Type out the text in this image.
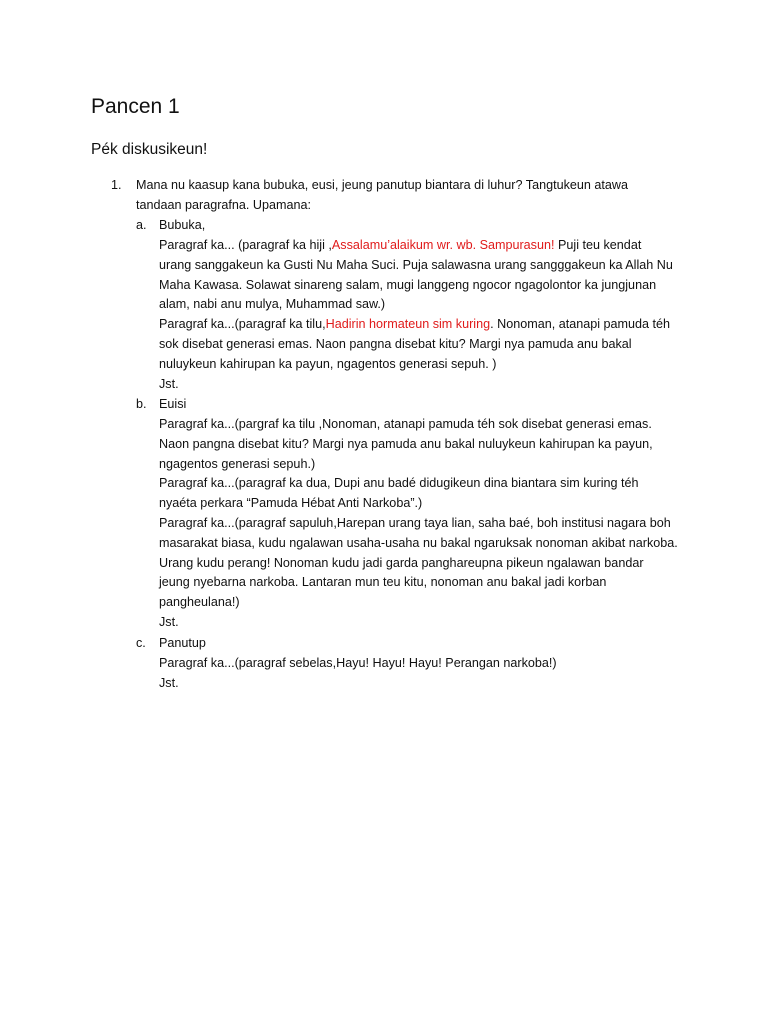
Pancen 1
Pék diskusikeun!
1. Mana nu kaasup kana bubuka, eusi, jeung panutup biantara di luhur? Tangtukeun atawa
tandaan paragrafna. Upamana:
a. Bubuka,
Paragraf ka... (paragraf ka hiji ,Assalamu’alaikum wr. wb. Sampurasun! Puji teu kendat
urang sanggakeun ka Gusti Nu Maha Suci. Puja salawasna urang sangggakeun ka Allah Nu
Maha Kawasa. Solawat sinareng salam, mugi langgeng ngocor ngagolontor ka jungjunan
alam, nabi anu mulya, Muhammad saw.)
Paragraf ka...(paragraf ka tilu,Hadirin hormateun sim kuring. Nonoman, atanapi pamuda téh
sok disebat generasi emas. Naon pangna disebat kitu? Margi nya pamuda anu bakal
nuluykeun kahirupan ka payun, ngagentos generasi sepuh. )
Jst.
b. Euisi
Paragraf ka...(pargraf ka tilu ,Nonoman, atanapi pamuda téh sok disebat generasi emas.
Naon pangna disebat kitu? Margi nya pamuda anu bakal nuluykeun kahirupan ka payun,
ngagentos generasi sepuh.)
Paragraf ka...(paragraf ka dua, Dupi anu badé didugikeun dina biantara sim kuring téh
nyaéta perkara “Pamuda Hébat Anti Narkoba”.)
Paragraf ka...(paragraf sapuluh,Harepan urang taya lian, saha baé, boh institusi nagara boh
masarakat biasa, kudu ngalawan usaha-usaha nu bakal ngaruksak nonoman akibat narkoba.
Urang kudu perang! Nonoman kudu jadi garda panghareupna pikeun ngalawan bandar
jeung nyebarna narkoba. Lantaran mun teu kitu, nonoman anu bakal jadi korban
pangheulana!)
Jst.
c. Panutup
Paragraf ka...(paragraf sebelas,Hayu! Hayu! Hayu! Perangan narkoba!)
Jst.
